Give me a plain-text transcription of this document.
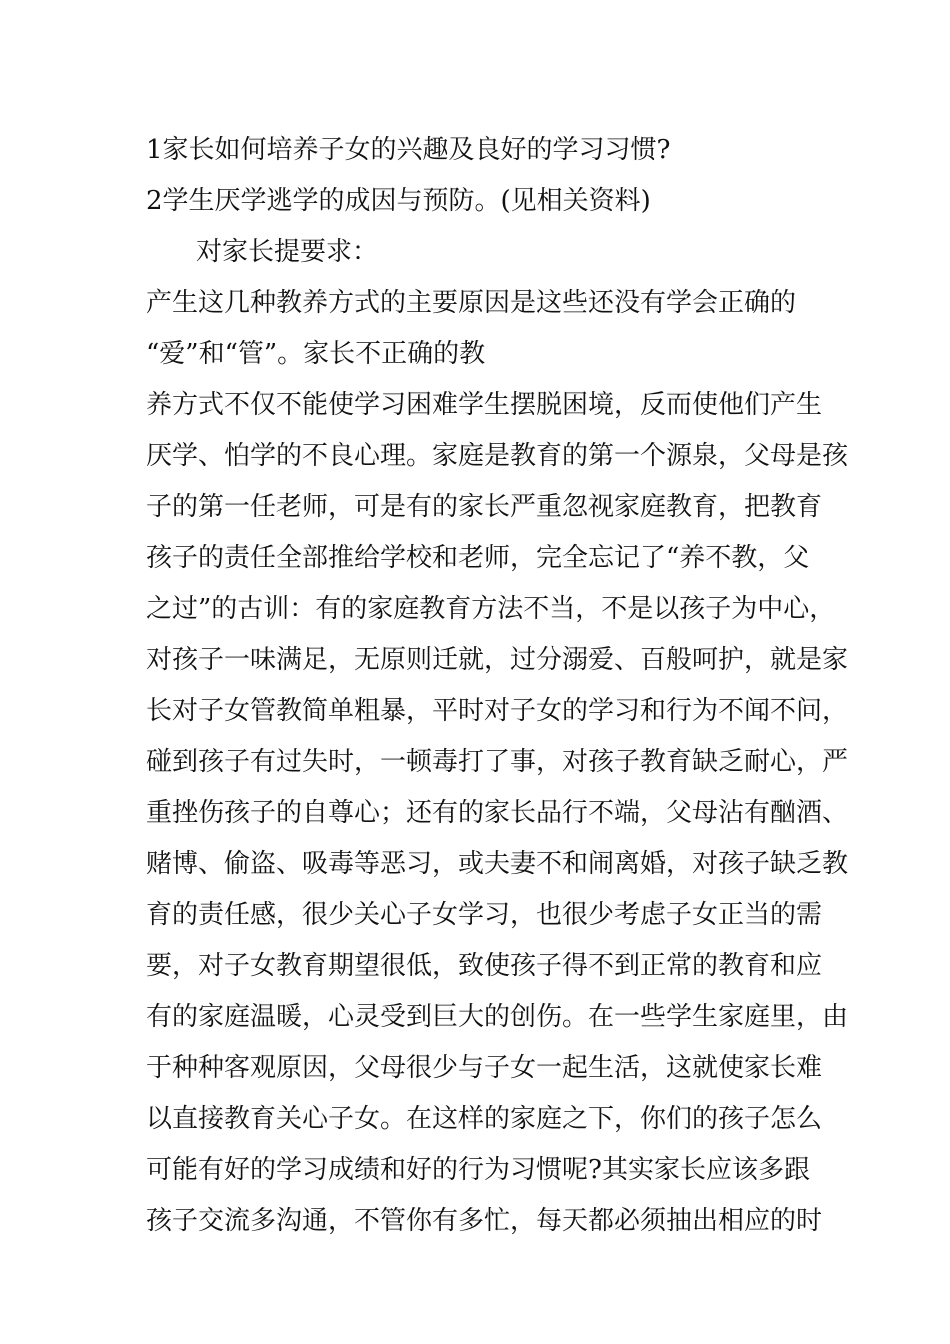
1家长如何培养子女的兴趣及良好的学习习惯?
2学生厌学逃学的成因与预防。(见相关资料)
对家长提要求：
产生这几种教养方式的主要原因是这些还没有学会正确的
“爱”和“管”。家长不正确的教
养方式不仅不能使学习困难学生摆脱困境，反而使他们产生
厌学、怕学的不良心理。家庭是教育的第一个源泉，父母是孩
子的第一任老师，可是有的家长严重忽视家庭教育，把教育
孩子的责任全部推给学校和老师，完全忘记了“养不教，父
之过”的古训：有的家庭教育方法不当，不是以孩子为中心，
对孩子一味满足，无原则迁就，过分溺爱、百般呵护，就是家
长对子女管教简单粗暴，平时对子女的学习和行为不闻不问，
碰到孩子有过失时，一顿毒打了事，对孩子教育缺乏耐心，严
重挫伤孩子的自尊心；还有的家长品行不端，父母沾有酗酒、
赌博、偷盗、吸毒等恶习，或夫妻不和闹离婚，对孩子缺乏教
育的责任感，很少关心子女学习，也很少考虑子女正当的需
要，对子女教育期望很低，致使孩子得不到正常的教育和应
有的家庭温暖，心灵受到巨大的创伤。在一些学生家庭里，由
于种种客观原因，父母很少与子女一起生活，这就使家长难
以直接教育关心子女。在这样的家庭之下，你们的孩子怎么
可能有好的学习成绩和好的行为习惯呢?其实家长应该多跟
孩子交流多沟通，不管你有多忙，每天都必须抽出相应的时
